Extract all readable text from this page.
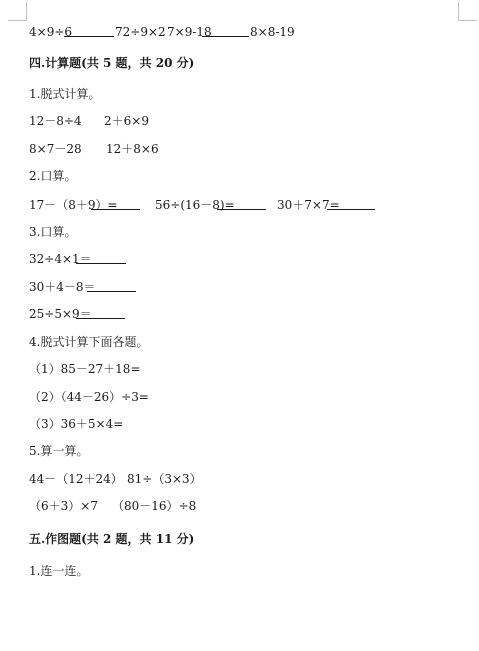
4×9÷6	72÷9×2 7×9-18	8×8-19
四.计算题(共 5 题，共 20 分)
1.脱式计算。
12－8÷4 2＋6×9
8×7－28 12＋8×6
2.口算。
17－（8＋9）=	56÷(16－8)=	30＋7×7=
3.口算。
32÷4×1＝
30＋4－8＝
25÷5×9＝
4.脱式计算下面各题。
（1）85－27＋18=
（2）（44－26）÷3=
（3）36＋5×4=
5.算一算。
44－（12＋24） 81÷（3×3）
（6＋3）×7 （80－16）÷8
五.作图题(共 2 题，共 11 分)
1.连一连。
